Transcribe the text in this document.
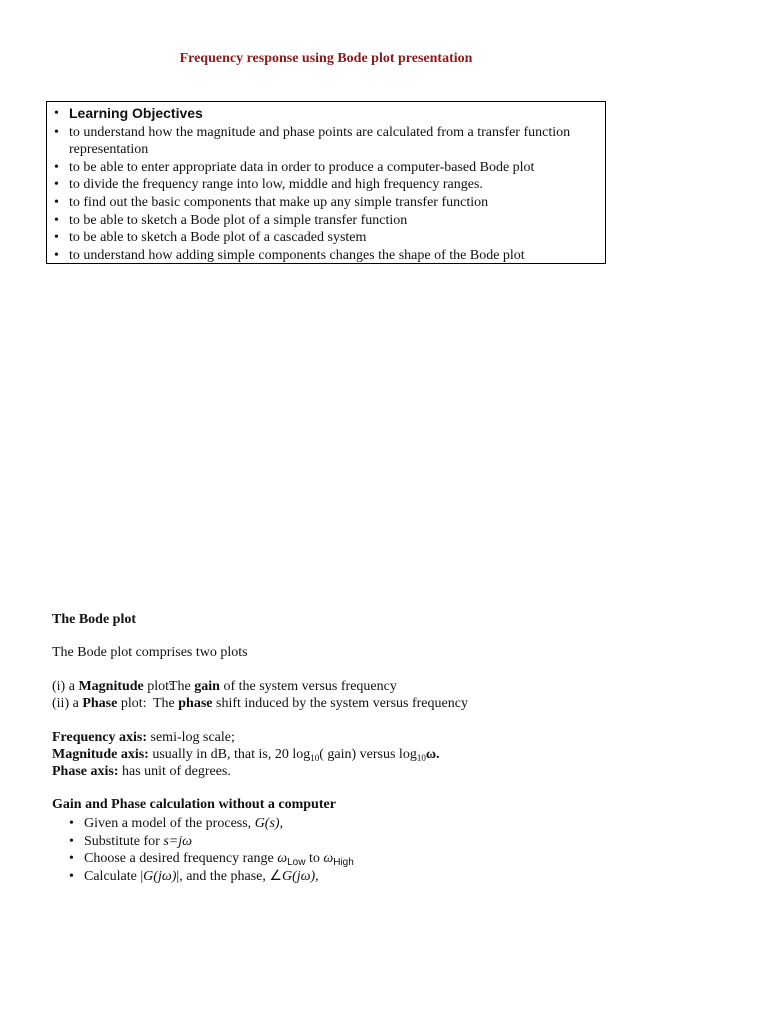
Frequency response using Bode plot presentation
• Learning Objectives
• to understand how the magnitude and phase points are calculated from a transfer function representation
• to be able to enter appropriate data in order to produce a computer-based Bode plot
• to divide the frequency range into low, middle and high frequency ranges.
• to find out the basic components that make up any simple transfer function
• to be able to sketch a Bode plot of a simple transfer function
• to be able to sketch a Bode plot of a cascaded system
• to understand how adding simple components changes the shape of the Bode plot
The Bode plot
The Bode plot comprises two plots
(i) a Magnitude plot:The gain of the system versus frequency
(ii) a Phase plot: The phase shift induced by the system versus frequency
Frequency axis: semi-log scale;
Magnitude axis: usually in dB, that is, 20 $\log_{10}$( gain) versus $\log_{10}\omega$.
Phase axis: has unit of degrees.
Gain and Phase calculation without a computer
• Given a model of the process, G(s),
• Substitute for s=jω
• Choose a desired frequency range $\omega_{Low}$ to $\omega_{High}$
• Calculate |G(jω)|, and the phase, ∠G(jω),
